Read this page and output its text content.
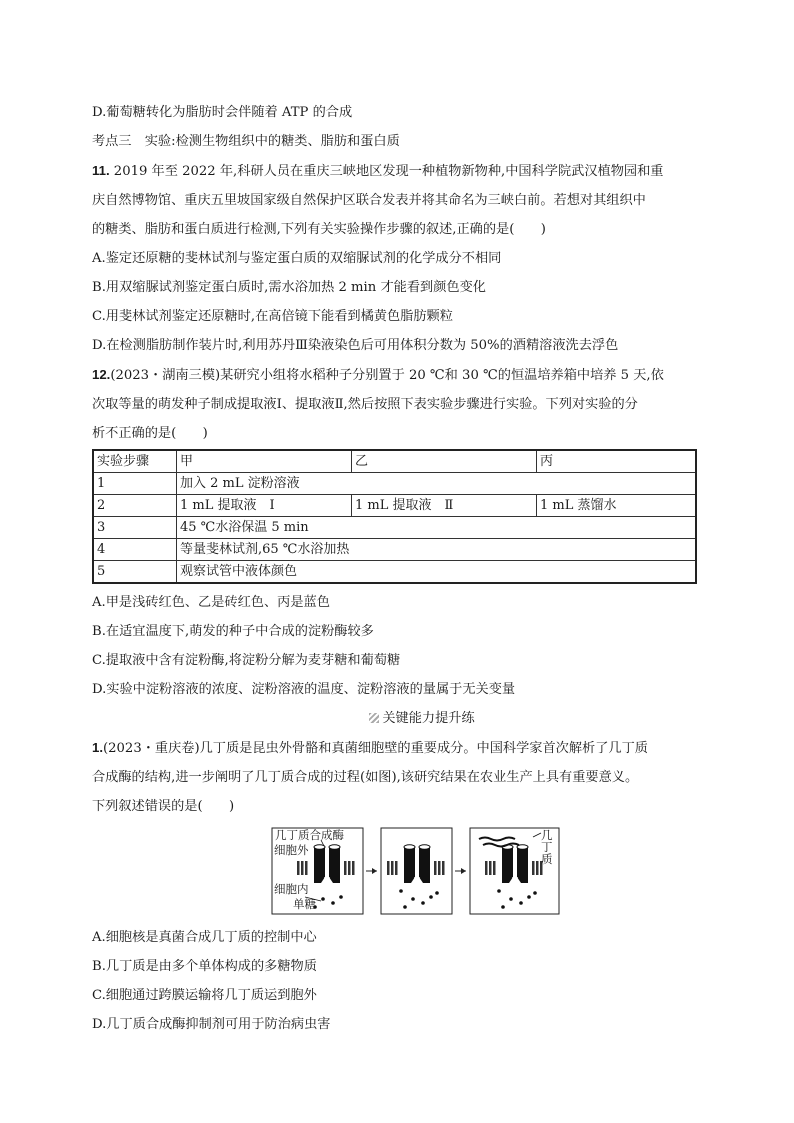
D.葡萄糖转化为脂肪时会伴随着 ATP 的合成
考点三　实验:检测生物组织中的糖类、脂肪和蛋白质
11. 2019 年至 2022 年,科研人员在重庆三峡地区发现一种植物新物种,中国科学院武汉植物园和重
庆自然博物馆、重庆五里坡国家级自然保护区联合发表并将其命名为三峡白前。若想对其组织中
的糖类、脂肪和蛋白质进行检测,下列有关实验操作步骤的叙述,正确的是(　　)
A.鉴定还原糖的斐林试剂与鉴定蛋白质的双缩脲试剂的化学成分不相同
B.用双缩脲试剂鉴定蛋白质时,需水浴加热 2 min 才能看到颜色变化
C.用斐林试剂鉴定还原糖时,在高倍镜下能看到橘黄色脂肪颗粒
D.在检测脂肪制作装片时,利用苏丹Ⅲ染液染色后可用体积分数为 50%的酒精溶液洗去浮色
12.(2023・湖南三模)某研究小组将水稻种子分别置于 20 ℃和 30 ℃的恒温培养箱中培养 5 天,依
次取等量的萌发种子制成提取液Ⅰ、提取液Ⅱ,然后按照下表实验步骤进行实验。下列对实验的分
析不正确的是(　　)
实验步骤	甲	乙	丙
1	加入 2 mL 淀粉溶液		
2	1 mL 提取液　Ⅰ	1 mL 提取液　Ⅱ	1 mL 蒸馏水
3	45 ℃水浴保温 5 min		
4	等量斐林试剂,65 ℃水浴加热		
5	观察试管中液体颜色		
A.甲是浅砖红色、乙是砖红色、丙是蓝色
B.在适宜温度下,萌发的种子中合成的淀粉酶较多
C.提取液中含有淀粉酶,将淀粉分解为麦芽糖和葡萄糖
D.实验中淀粉溶液的浓度、淀粉溶液的温度、淀粉溶液的量属于无关变量
关键能力提升练
1.(2023・重庆卷)几丁质是昆虫外骨骼和真菌细胞壁的重要成分。中国科学家首次解析了几丁质
合成酶的结构,进一步阐明了几丁质合成的过程(如图),该研究结果在农业生产上具有重要意义。
下列叙述错误的是(　　)
几丁质合成酶
细胞外
细胞内
单糖
几丁质
A.细胞核是真菌合成几丁质的控制中心
B.几丁质是由多个单体构成的多糖物质
C.细胞通过跨膜运输将几丁质运到胞外
D.几丁质合成酶抑制剂可用于防治病虫害
